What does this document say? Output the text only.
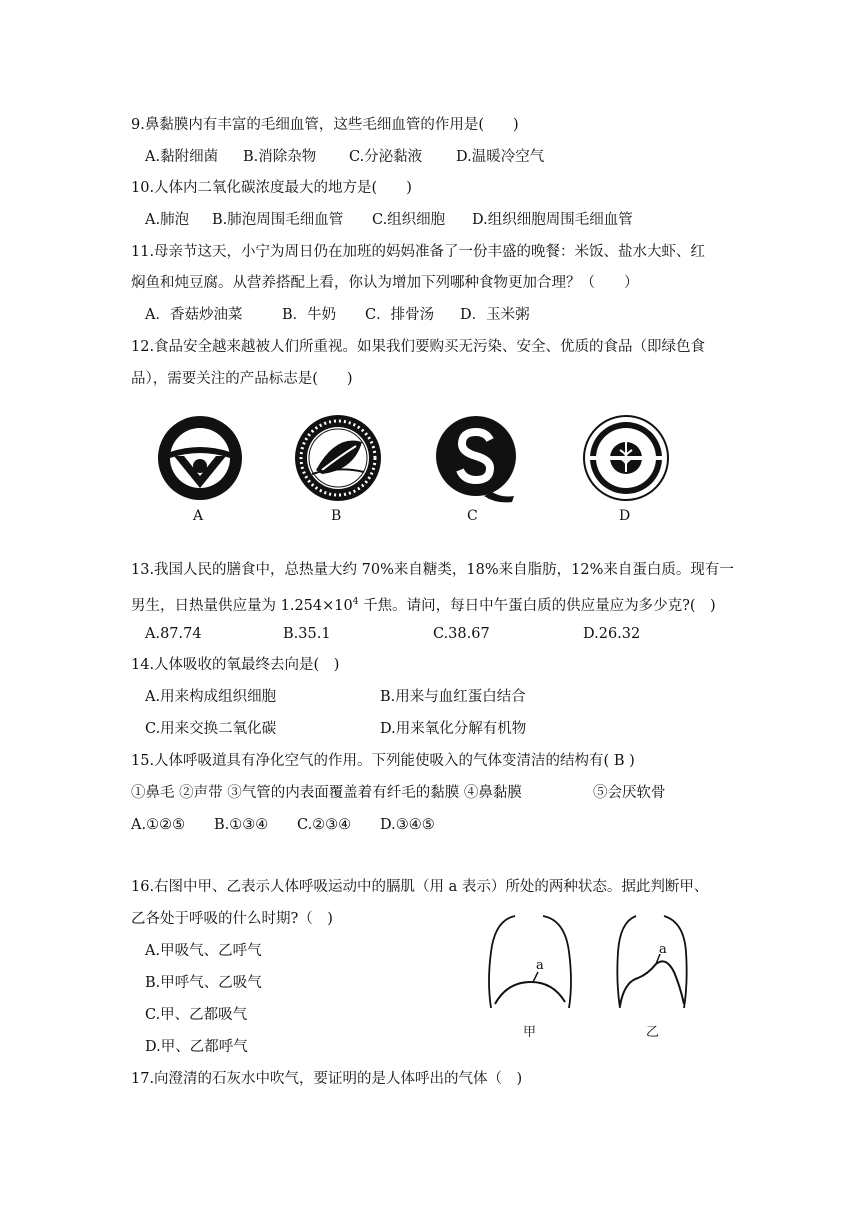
9.鼻黏膜内有丰富的毛细血管，这些毛细血管的作用是(　　)
A.黏附细菌 B.消除杂物 C.分泌黏液 D.温暖冷空气
10.人体内二氧化碳浓度最大的地方是(　　)
A.肺泡 B.肺泡周围毛细血管 C.组织细胞 D.组织细胞周围毛细血管
11.母亲节这天，小宁为周日仍在加班的妈妈准备了一份丰盛的晚餐：米饭、盐水大虾、红
焖鱼和炖豆腐。从营养搭配上看，你认为增加下列哪种食物更加合理？（　　）
A．香菇炒油菜	B．牛奶 C．排骨汤 D．玉米粥
12.食品安全越来越被人们所重视。如果我们要购买无污染、安全、优质的食品（即绿色食
品），需要关注的产品标志是(　　)
A	B	C	D
13.我国人民的膳食中，总热量大约 70%来自糖类，18%来自脂肪，12%来自蛋白质。现有一
男生，日热量供应量为 $1.254\times 10^4$ 千焦。请问，每日中午蛋白质的供应量应为多少克?(　)
A.87.74	B.35.1	C.38.67	D.26.32
14.人体吸收的氧最终去向是(　)
A.用来构成组织细胞	B.用来与血红蛋白结合
C.用来交换二氧化碳	D.用来氧化分解有机物
15.人体呼吸道具有净化空气的作用。下列能使吸入的气体变清洁的结构有( B )
①鼻毛 ②声带 ③气管的内表面覆盖着有纤毛的黏膜 ④鼻黏膜	⑤会厌软骨
A.①②⑤ B.①③④ C.②③④ D.③④⑤
16.右图中甲、乙表示人体呼吸运动中的膈肌（用 a 表示）所处的两种状态。据此判断甲、
乙各处于呼吸的什么时期?（　)
A.甲吸气、乙呼气
B.甲呼气、乙吸气
C.甲、乙都吸气
D.甲、乙都呼气
a
甲
a
乙
17.向澄清的石灰水中吹气，要证明的是人体呼出的气体（　)
